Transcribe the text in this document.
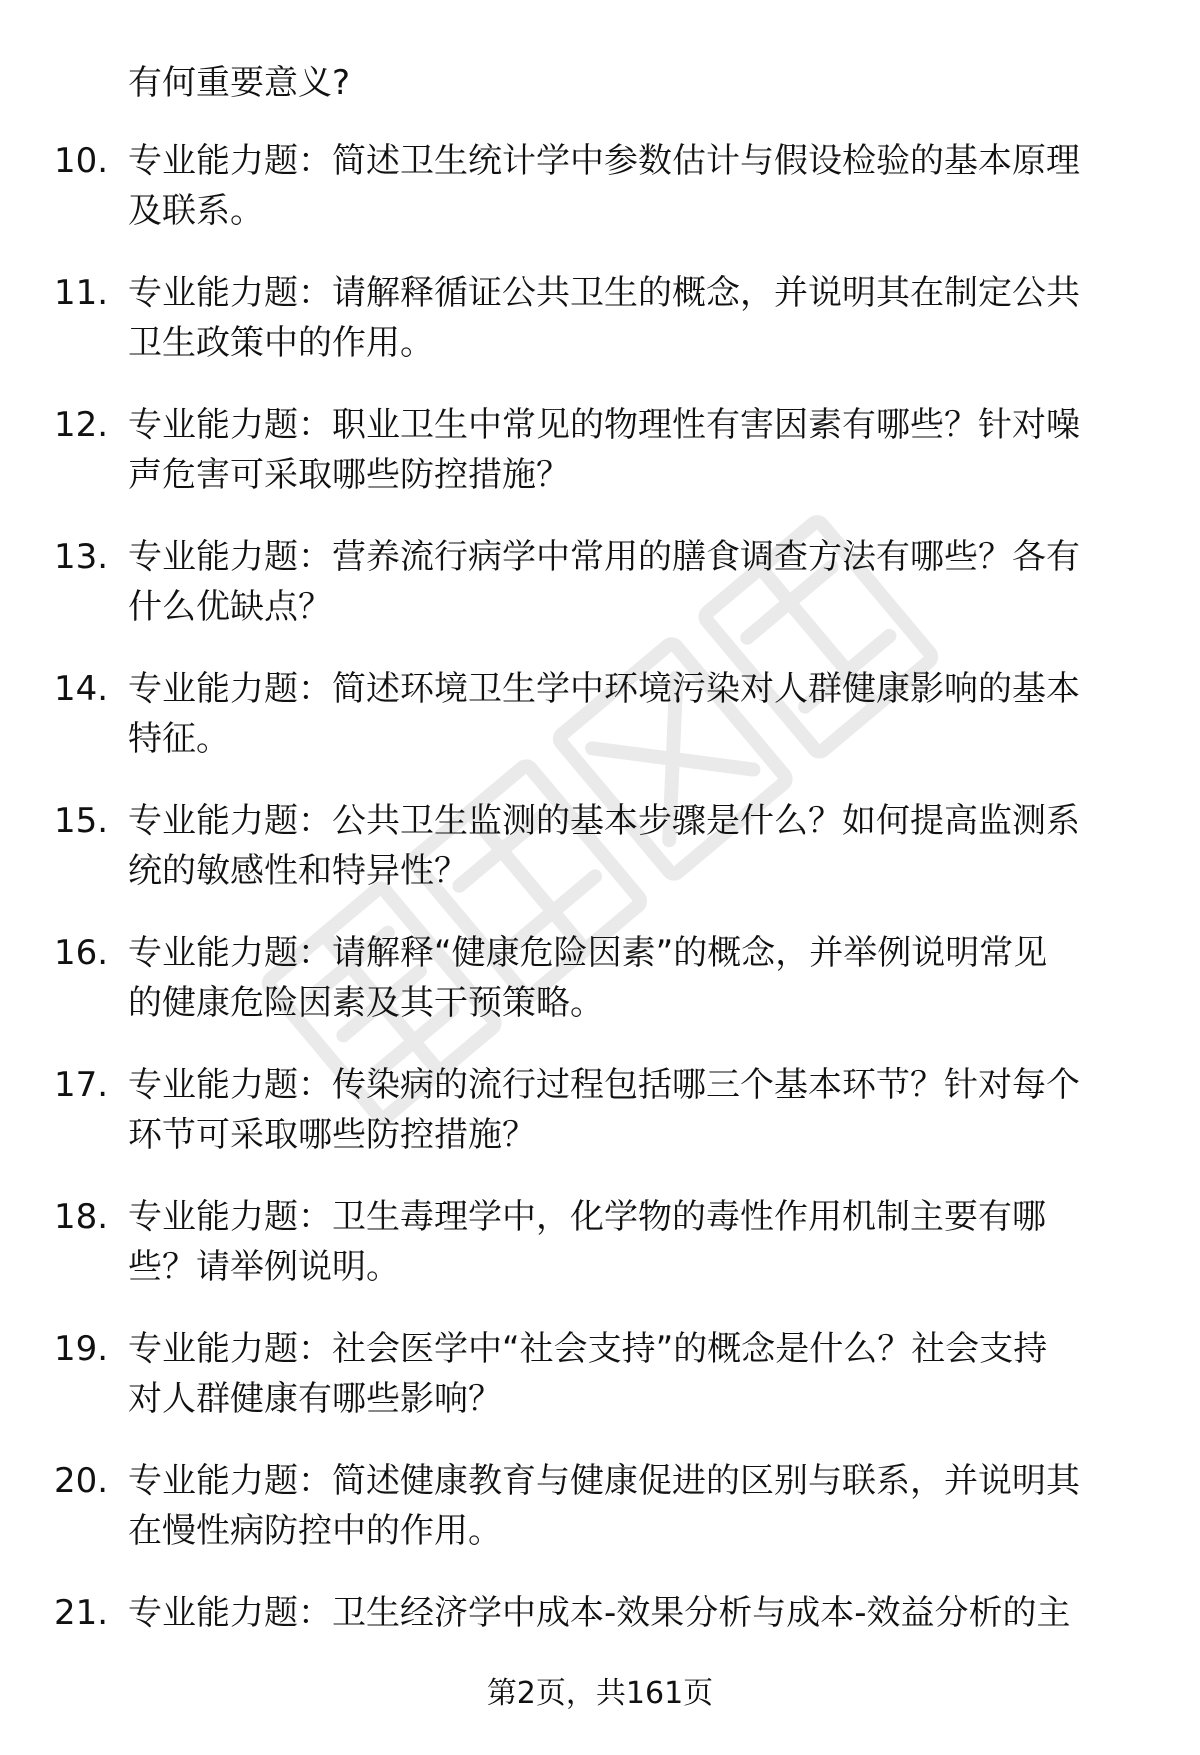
有何重要意义?
10. 专业能力题：简述卫生统计学中参数估计与假设检验的基本原理
及联系。
11. 专业能力题：请解释循证公共卫生的概念，并说明其在制定公共
卫生政策中的作用。
12. 专业能力题：职业卫生中常见的物理性有害因素有哪些？针对噪
声危害可采取哪些防控措施？
13. 专业能力题：营养流行病学中常用的膳食调查方法有哪些？各有
什么优缺点？
14. 专业能力题：简述环境卫生学中环境污染对人群健康影响的基本
特征。
15. 专业能力题：公共卫生监测的基本步骤是什么？如何提高监测系
统的敏感性和特异性？
16. 专业能力题：请解释“健康危险因素”的概念，并举例说明常见
的健康危险因素及其干预策略。
17. 专业能力题：传染病的流行过程包括哪三个基本环节？针对每个
环节可采取哪些防控措施？
18. 专业能力题：卫生毒理学中，化学物的毒性作用机制主要有哪
些？请举例说明。
19. 专业能力题：社会医学中“社会支持”的概念是什么？社会支持
对人群健康有哪些影响？
20. 专业能力题：简述健康教育与健康促进的区别与联系，并说明其
在慢性病防控中的作用。
21. 专业能力题：卫生经济学中成本-效果分析与成本-效益分析的主
第2页，共161页
